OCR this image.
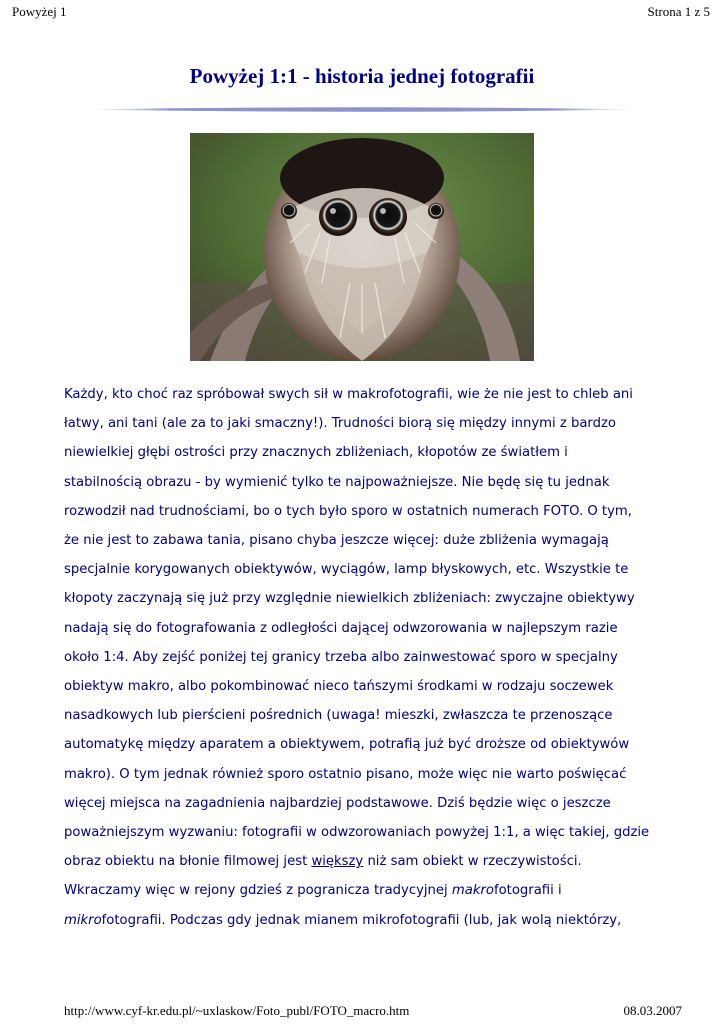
Powyżej 1	Strona 1 z 5
Powyżej 1:1 - historia jednej fotografii
Każdy, kto choć raz spróbował swych sił w makrofotografii, wie że nie jest to chleb ani
łatwy, ani tani (ale za to jaki smaczny!). Trudności biorą się między innymi z bardzo
niewielkiej głębi ostrości przy znacznych zbliżeniach, kłopotów ze światłem i
stabilnością obrazu - by wymienić tylko te najpoważniejsze. Nie będę się tu jednak
rozwodził nad trudnościami, bo o tych było sporo w ostatnich numerach FOTO. O tym,
że nie jest to zabawa tania, pisano chyba jeszcze więcej: duże zbliżenia wymagają
specjalnie korygowanych obiektywów, wyciągów, lamp błyskowych, etc. Wszystkie te
kłopoty zaczynają się już przy względnie niewielkich zbliżeniach: zwyczajne obiektywy
nadają się do fotografowania z odległości dającej odwzorowania w najlepszym razie
około 1:4. Aby zejść poniżej tej granicy trzeba albo zainwestować sporo w specjalny
obiektyw makro, albo pokombinować nieco tańszymi środkami w rodzaju soczewek
nasadkowych lub pierścieni pośrednich (uwaga! mieszki, zwłaszcza te przenoszące
automatykę między aparatem a obiektywem, potrafią już być droższe od obiektywów
makro). O tym jednak również sporo ostatnio pisano, może więc nie warto poświęcać
więcej miejsca na zagadnienia najbardziej podstawowe. Dziś będzie więc o jeszcze
poważniejszym wyzwaniu: fotografii w odwzorowaniach powyżej 1:1, a więc takiej, gdzie
obraz obiektu na błonie filmowej jest większy niż sam obiekt w rzeczywistości.
Wkraczamy więc w rejony gdzieś z pogranicza tradycyjnej makrofotografii i
mikrofotografii. Podczas gdy jednak mianem mikrofotografii (lub, jak wolą niektórzy,
http://www.cyf-kr.edu.pl/~uxlaskow/Foto_publ/FOTO_macro.htm	08.03.2007
